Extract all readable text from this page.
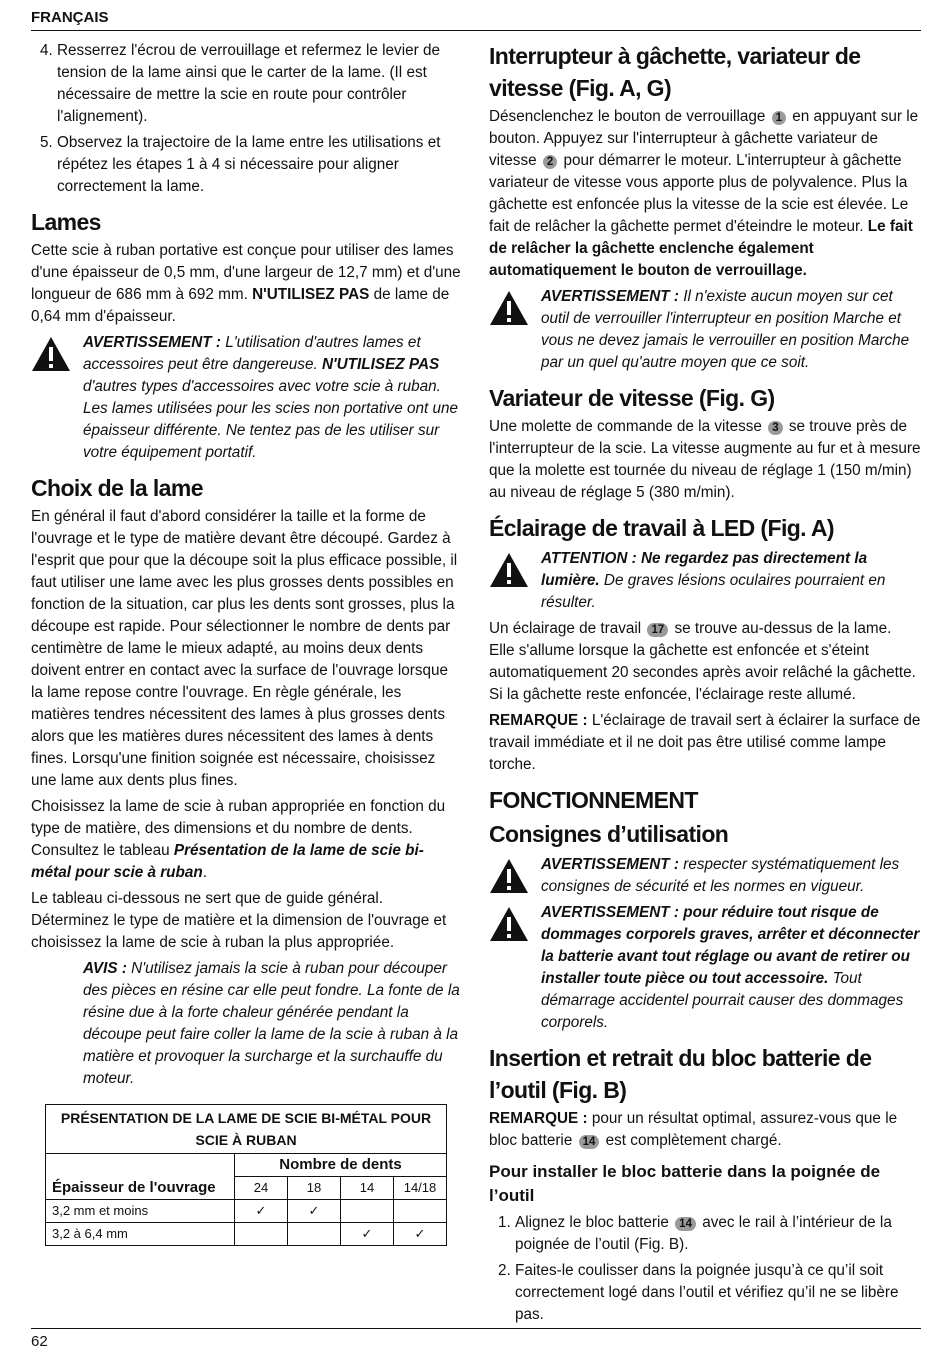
FRANÇAIS
4. Resserrez l'écrou de verrouillage et refermez le levier de tension de la lame ainsi que le carter de la lame. (Il est nécessaire de mettre la scie en route pour contrôler l'alignement).
5. Observez la trajectoire de la lame entre les utilisations et répétez les étapes 1 à 4 si nécessaire pour aligner correctement la lame.
Lames

Cette scie à ruban portative est conçue pour utiliser des lames d'une épaisseur de 0,5 mm, d'une largeur de 12,7 mm) et d'une longueur de 686 mm à 692 mm. N'UTILISEZ PAS de lame de 0,64 mm d'épaisseur.

AVERTISSEMENT : L'utilisation d'autres lames et accessoires peut être dangereuse. N'UTILISEZ PAS d'autres types d'accessoires avec votre scie à ruban. Les lames utilisées pour les scies non portative ont une épaisseur différente. Ne tentez pas de les utiliser sur votre équipement portatif.

Choix de la lame

En général il faut d'abord considérer la taille et la forme de l'ouvrage et le type de matière devant être découpé. Gardez à l'esprit que pour que la découpe soit la plus efficace possible, il faut utiliser une lame avec les plus grosses dents possibles en fonction de la situation, car plus les dents sont grosses, plus la découpe est rapide. Pour sélectionner le nombre de dents par centimètre de lame le mieux adapté, au moins deux dents doivent entrer en contact avec la surface de l'ouvrage lorsque la lame repose contre l'ouvrage. En règle générale, les matières tendres nécessitent des lames à plus grosses dents alors que les matières dures nécessitent des lames à dents fines. Lorsqu'une finition soignée est nécessaire, choisissez une lame aux dents plus fines.

Choisissez la lame de scie à ruban appropriée en fonction du type de matière, des dimensions et du nombre de dents. Consultez le tableau Présentation de la lame de scie bi-métal pour scie à ruban.

Le tableau ci-dessous ne sert que de guide général. Déterminez le type de matière et la dimension de l'ouvrage et choisissez la lame de scie à ruban la plus appropriée.

AVIS : N'utilisez jamais la scie à ruban pour découper des pièces en résine car elle peut fondre. La fonte de la résine due à la forte chaleur générée pendant la découpe peut faire coller la lame de la scie à ruban à la matière et provoquer la surcharge et la surchauffe du moteur.

PRÉSENTATION DE LA LAME DE SCIE BI-MÉTAL POUR SCIE À RUBAN				
	Nombre de dents			
Épaisseur de l'ouvrage	24	18	14	14/18
3,2 mm et moins	✓	✓		
3,2 à 6,4 mm			✓	✓
Interrupteur à gâchette, variateur de vitesse (Fig. A, G)

Désenclenchez le bouton de verrouillage 1 en appuyant sur le bouton. Appuyez sur l'interrupteur à gâchette variateur de vitesse 2 pour démarrer le moteur. L'interrupteur à gâchette variateur de vitesse vous apporte plus de polyvalence. Plus la gâchette est enfoncée plus la vitesse de la scie est élevée. Le fait de relâcher la gâchette permet d'éteindre le moteur. Le fait de relâcher la gâchette enclenche également automatiquement le bouton de verrouillage.

AVERTISSEMENT : Il n'existe aucun moyen sur cet outil de verrouiller l'interrupteur en position Marche et vous ne devez jamais le verrouiller en position Marche par un quel qu'autre moyen que ce soit.

Variateur de vitesse (Fig. G)

Une molette de commande de la vitesse 3 se trouve près de l'interrupteur de la scie. La vitesse augmente au fur et à mesure que la molette est tournée du niveau de réglage 1 (150 m/min) au niveau de réglage 5 (380 m/min).

Éclairage de travail à LED (Fig. A)

ATTENTION : Ne regardez pas directement la lumière. De graves lésions oculaires pourraient en résulter.

Un éclairage de travail 17 se trouve au-dessus de la lame. Elle s'allume lorsque la gâchette est enfoncée et s'éteint automatiquement 20 secondes après avoir relâché la gâchette. Si la gâchette reste enfoncée, l'éclairage reste allumé.

REMARQUE : L'éclairage de travail sert à éclairer la surface de travail immédiate et il ne doit pas être utilisé comme lampe torche.

FONCTIONNEMENT
Consignes d’utilisation

AVERTISSEMENT : respecter systématiquement les consignes de sécurité et les normes en vigueur.

AVERTISSEMENT : pour réduire tout risque de dommages corporels graves, arrêter et déconnecter la batterie avant tout réglage ou avant de retirer ou installer toute pièce ou tout accessoire. Tout démarrage accidentel pourrait causer des dommages corporels.

Insertion et retrait du bloc batterie de l’outil (Fig. B)

REMARQUE : pour un résultat optimal, assurez-vous que le bloc batterie 14 est complètement chargé.

Pour installer le bloc batterie dans la poignée de l’outil
1. Alignez le bloc batterie 14 avec le rail à l’intérieur de la poignée de l’outil (Fig. B).
2. Faites-le coulisser dans la poignée jusqu’à ce qu’il soit correctement logé dans l’outil et vérifiez qu’il ne se libère pas.
62
